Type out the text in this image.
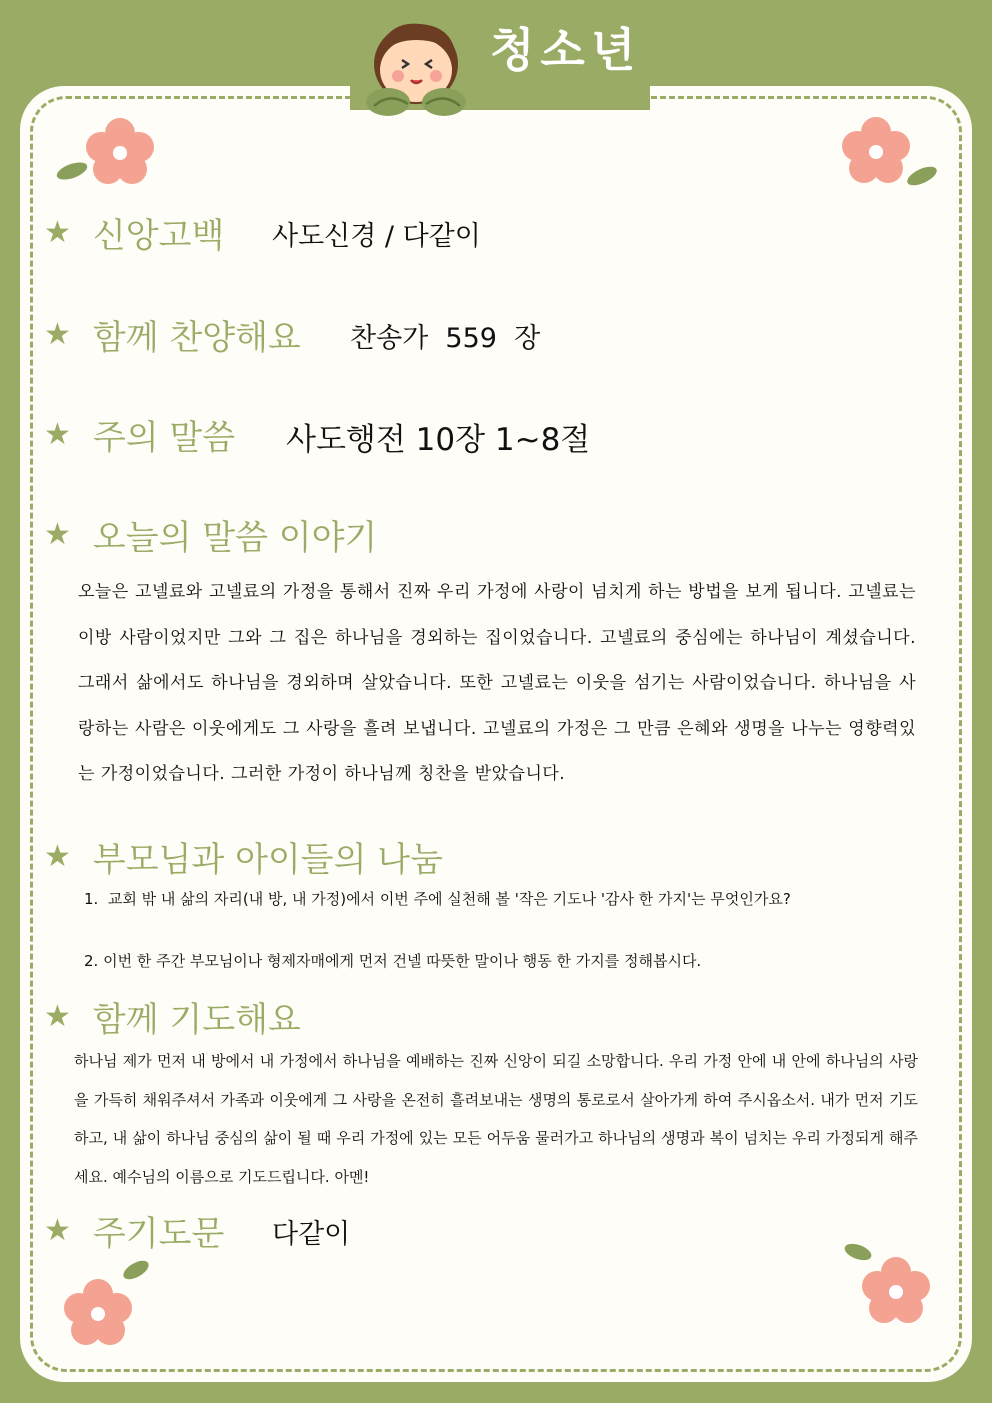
청소년
★ 신앙고백 사도신경 / 다같이
★ 함께 찬양해요 찬송가  559  장
★ 주의 말씀 사도행전 10장 1~8절
★ 오늘의 말씀 이야기
오늘은 고넬료와 고넬료의 가정을 통해서 진짜 우리 가정에 사랑이 넘치게 하는 방법을 보게 됩니다. 고넬료는 이방 사람이었지만 그와 그 집은 하나님을 경외하는 집이었습니다. 고넬료의 중심에는 하나님이 계셨습니다. 그래서 삶에서도 하나님을 경외하며 살았습니다. 또한 고넬료는 이웃을 섬기는 사람이었습니다. 하나님을 사랑하는 사람은 이웃에게도 그 사랑을 흘려 보냅니다. 고넬료의 가정은 그 만큼 은혜와 생명을 나누는 영향력있는 가정이었습니다. 그러한 가정이 하나님께 칭찬을 받았습니다.
★ 부모님과 아이들의 나눔
1.  교회 밖 내 삶의 자리(내 방, 내 가정)에서 이번 주에 실천해 볼 '작은 기도나 '감사 한 가지'는 무엇인가요?
2. 이번 한 주간 부모님이나 형제자매에게 먼저 건넬 따뜻한 말이나 행동 한 가지를 정해봅시다.
★ 함께 기도해요
하나님 제가 먼저 내 방에서 내 가정에서 하나님을 예배하는 진짜 신앙이 되길 소망합니다. 우리 가정 안에 내 안에 하나님의 사랑을 가득히 채워주셔서 가족과 이웃에게 그 사랑을 온전히 흘려보내는 생명의 통로로서 살아가게 하여 주시옵소서. 내가 먼저 기도 하고, 내 삶이 하나님 중심의 삶이 될 때 우리 가정에 있는 모든 어두움 물러가고 하나님의 생명과 복이 넘치는 우리 가정되게 해주세요. 예수님의 이름으로 기도드립니다. 아멘!
★ 주기도문 다같이
